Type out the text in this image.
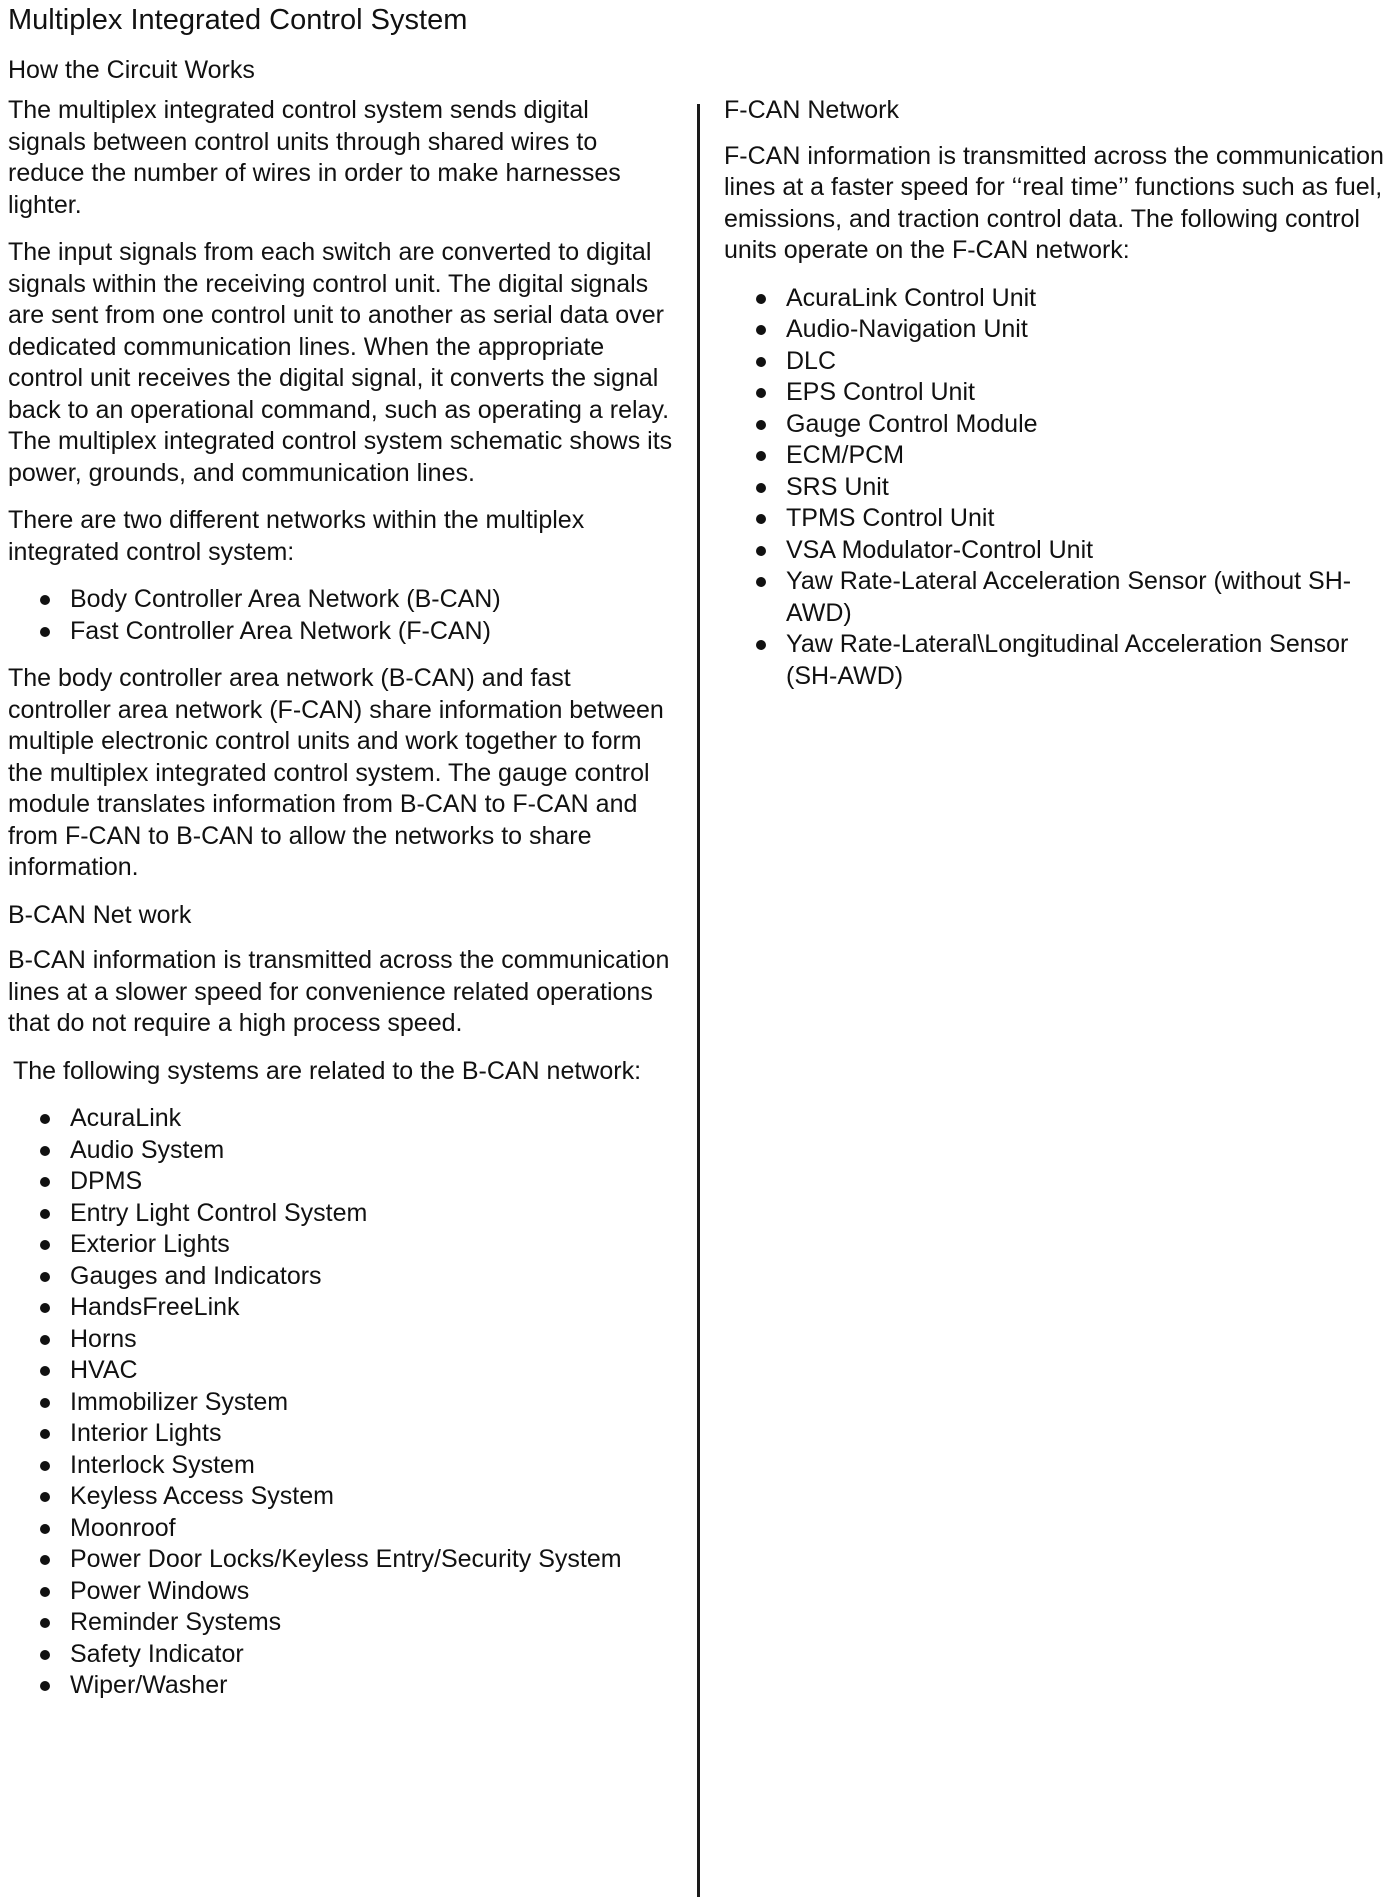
Multiplex Integrated Control System
How the Circuit Works

The multiplex integrated control system sends digital signals between control units through shared wires to reduce the number of wires in order to make harnesses lighter.

The input signals from each switch are converted to digital signals within the receiving control unit. The digital signals are sent from one control unit to another as serial data over dedicated communication lines. When the appropriate control unit receives the digital signal, it converts the signal back to an operational command, such as operating a relay. The multiplex integrated control system schematic shows its power, grounds, and communication lines.

There are two different networks within the multiplex integrated control system:

Body Controller Area Network (B-CAN)
Fast Controller Area Network (F-CAN)

The body controller area network (B-CAN) and fast controller area network (F-CAN) share information between multiple electronic control units and work together to form the multiplex integrated control system. The gauge control module translates information from B-CAN to F-CAN and from F-CAN to B-CAN to allow the networks to share information.

B-CAN Net work

B-CAN information is transmitted across the communication lines at a slower speed for convenience related operations that do not require a high process speed.

The following systems are related to the B-CAN network:

AcuraLink
Audio System
DPMS
Entry Light Control System
Exterior Lights
Gauges and Indicators
HandsFreeLink
Horns
HVAC
Immobilizer System
Interior Lights
Interlock System
Keyless Access System
Moonroof
Power Door Locks/Keyless Entry/Security System
Power Windows
Reminder Systems
Safety Indicator
Wiper/Washer
F-CAN Network

F-CAN information is transmitted across the communication lines at a faster speed for ‘‘real time’’ functions such as fuel, emissions, and traction control data. The following control units operate on the F-CAN network:

AcuraLink Control Unit
Audio-Navigation Unit
DLC
EPS Control Unit
Gauge Control Module
ECM/PCM
SRS Unit
TPMS Control Unit
VSA Modulator-Control Unit
Yaw Rate-Lateral Acceleration Sensor (without SH-AWD)
Yaw Rate-Lateral\Longitudinal Acceleration Sensor (SH-AWD)
